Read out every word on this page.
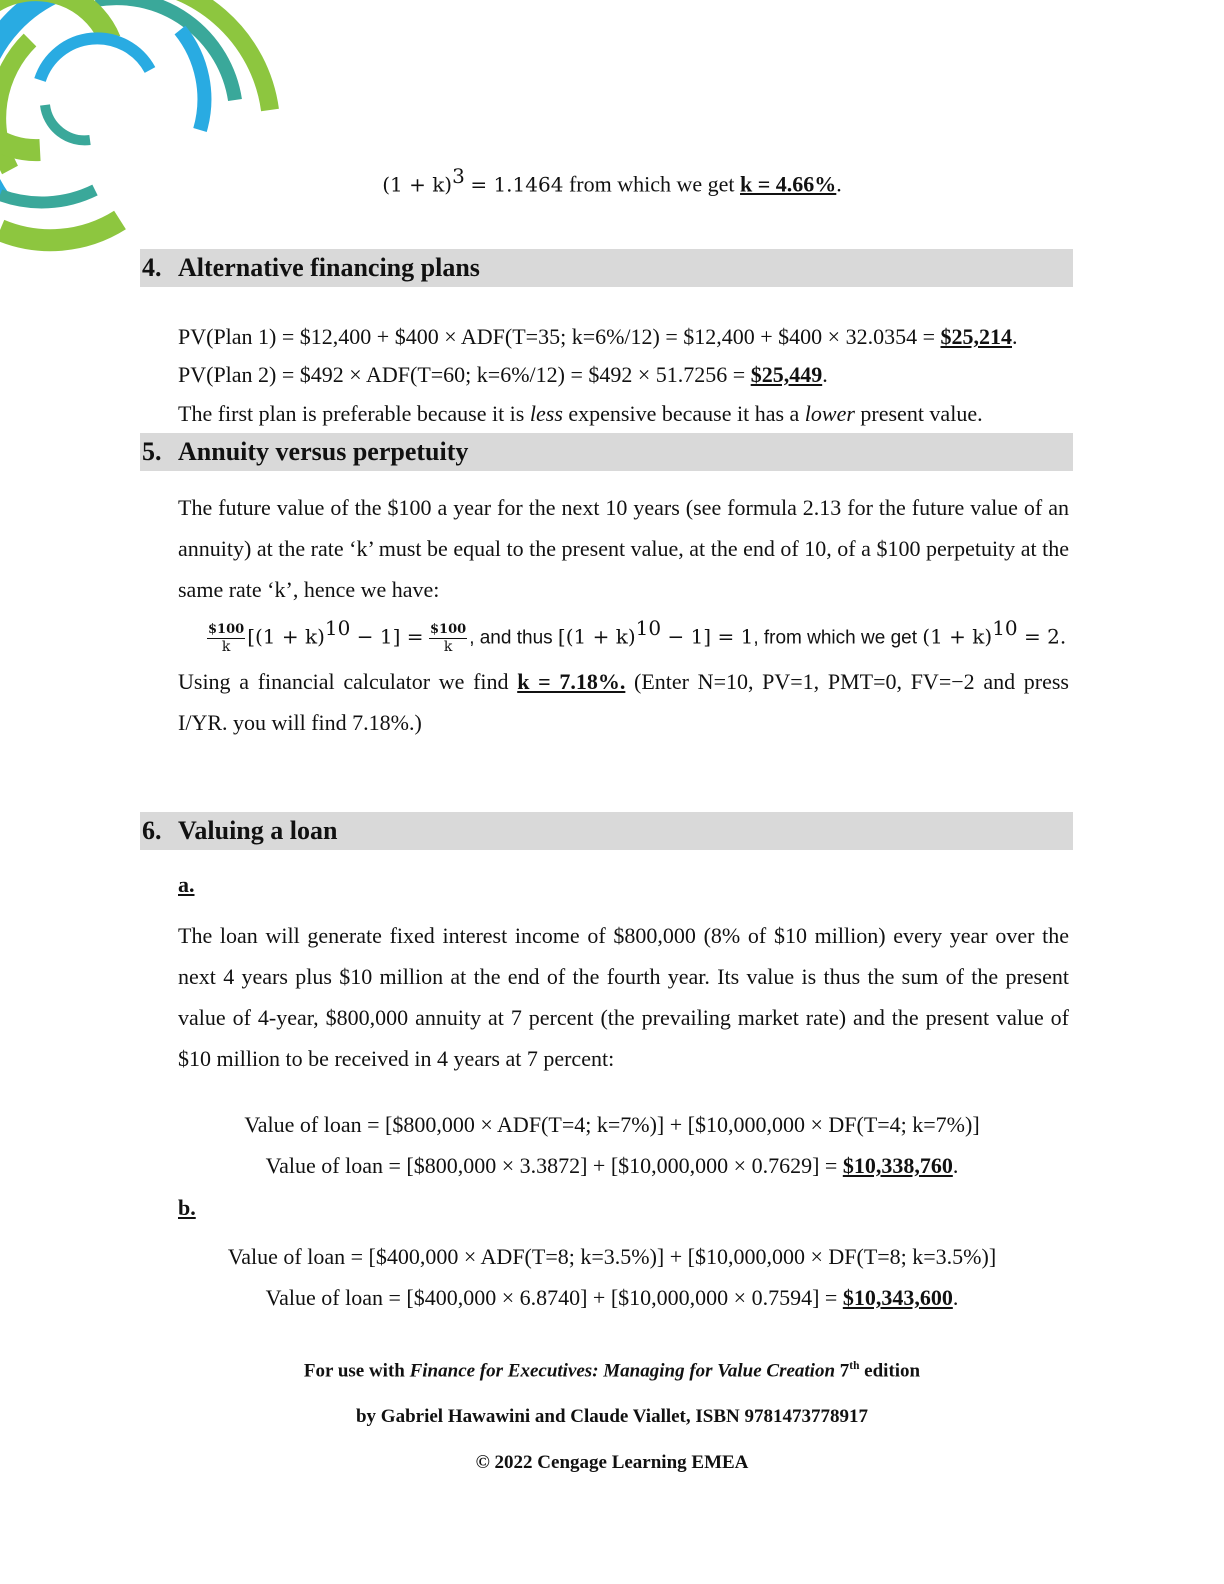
$(1 + k)^3 = 1.1464$ from which we get k = 4.66%.
4. Alternative financing plans

PV(Plan 1) = $12,400 + $400 × ADF(T=35; k=6%/12) = $12,400 + $400 × 32.0354 = $25,214.

PV(Plan 2) = $492 × ADF(T=60; k=6%/12) = $492 × 51.7256 = $25,449.

The first plan is preferable because it is less expensive because it has a lower present value.

5. Annuity versus perpetuity

The future value of the $100 a year for the next 10 years (see formula 2.13 for the future value of an annuity) at the rate ‘k’ must be equal to the present value, at the end of 10, of a $100 perpetuity at the same rate ‘k’, hence we have:

$\frac{\$100}{k} [(1 + k)^{10} - 1] = \frac{\$100}{k}$ , and thus $[(1 + k)^{10} - 1] = 1$, from which we get $(1 + k)^{10} = 2$.

Using a financial calculator we find k = 7.18%. (Enter N=10, PV=1, PMT=0, FV=−2 and press I/YR. you will find 7.18%.)

6. Valuing a loan
a.

The loan will generate fixed interest income of $800,000 (8% of $10 million) every year over the next 4 years plus $10 million at the end of the fourth year. Its value is thus the sum of the present value of 4-year, $800,000 annuity at 7 percent (the prevailing market rate) and the present value of $10 million to be received in 4 years at 7 percent:

Value of loan = [$800,000 × ADF(T=4; k=7%)] + [$10,000,000 × DF(T=4; k=7%)]
Value of loan = [$800,000 × 3.3872] + [$10,000,000 × 0.7629] = $10,338,760.
b.
Value of loan = [$400,000 × ADF(T=8; k=3.5%)] + [$10,000,000 × DF(T=8; k=3.5%)]
Value of loan = [$400,000 × 6.8740] + [$10,000,000 × 0.7594] = $10,343,600.
For use with Finance for Executives: Managing for Value Creation 7th edition
by Gabriel Hawawini and Claude Viallet, ISBN 9781473778917
© 2022 Cengage Learning EMEA
